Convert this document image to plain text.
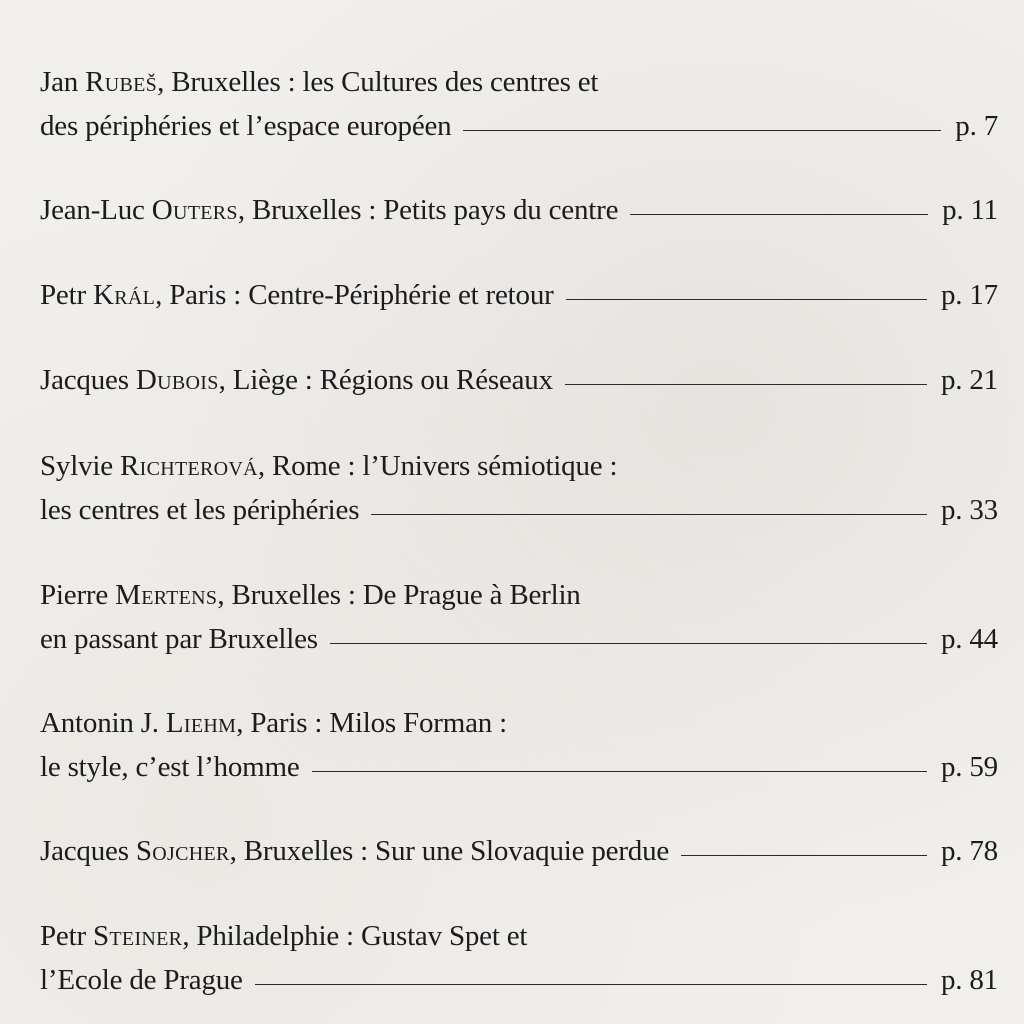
Jan
Rubeš , Bruxelles : les Cultures des centres et
des périphéries et l’espace européen	p. 7
Jean-Luc
Outers , Bruxelles : Petits pays du centre	p. 11
Petr
Král , Paris : Centre-Périphérie et retour	p. 17
Jacques
Dubois , Liège : Régions ou Réseaux	p. 21
Sylvie
Richterová , Rome : l’Univers sémiotique :
les centres et les périphéries	p. 33
Pierre
Mertens , Bruxelles : De Prague à Berlin
en passant par Bruxelles	p. 44
Antonin J.
Liehm , Paris : Milos Forman :
le style, c’est l’homme	p. 59
Jacques
Sojcher , Bruxelles : Sur une Slovaquie perdue	p. 78
Petr
Steiner , Philadelphie : Gustav Spet et
l’Ecole de Prague	p. 81
